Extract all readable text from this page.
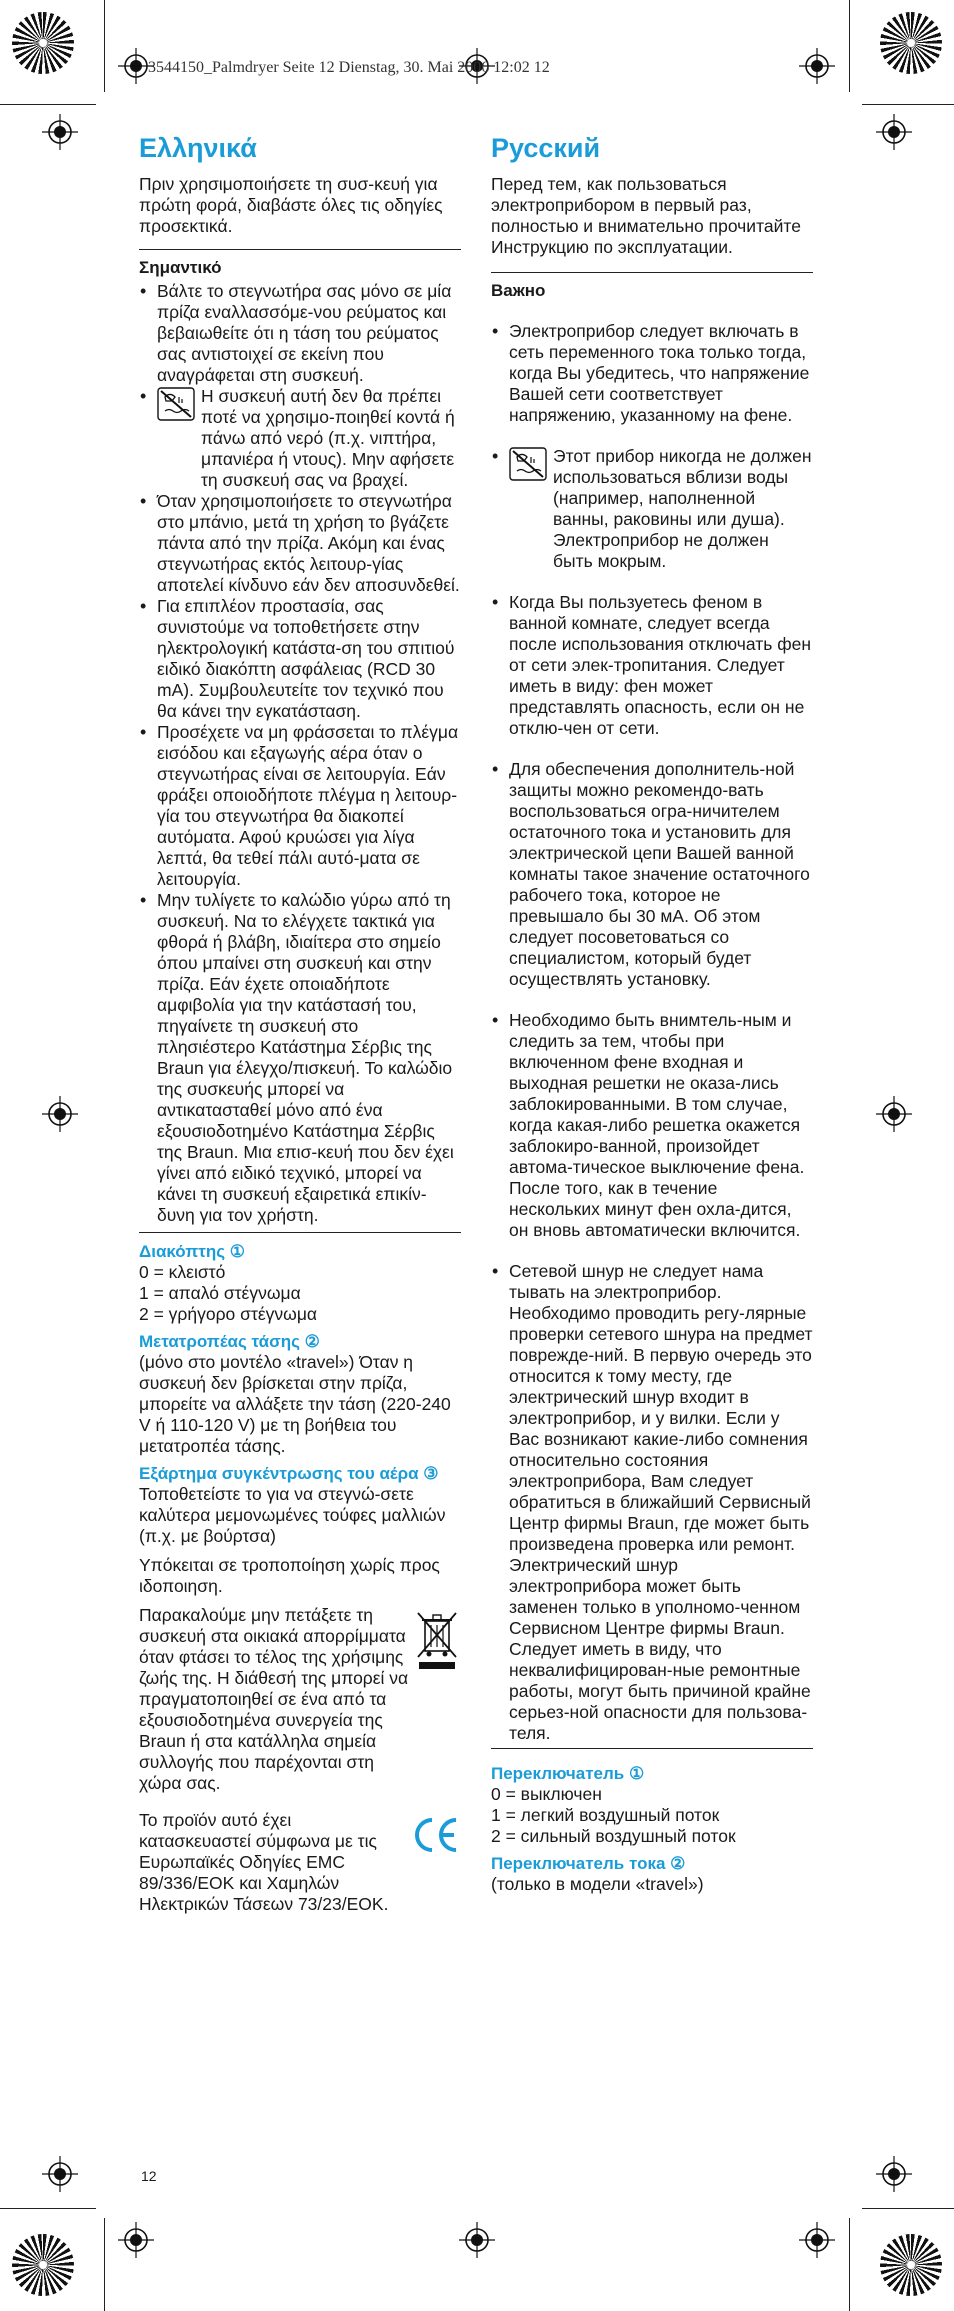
3544150_Palmdryer Seite 12 Dienstag, 30. Mai 2006 12:02 12
Ελληνικά

Πριν χρησιμοποιήσετε τη συσ-κευή για πρώτη φορά, διαβάστε όλες τις οδηγίες προσεκτικά.

Σημαντικό
• Βάλτε το στεγνωτήρα σας μόνο σε μία πρίζα εναλλασσόμε-νου ρεύματος και βεβαιωθείτε ότι η τάση του ρεύματος σας αντιστοιχεί σε εκείνη που αναγράφεται στη συσκευή.
• Η συσκευή αυτή δεν θα πρέπει ποτέ να χρησιμο-ποιηθεί κοντά ή πάνω από νερό (π.χ. νιπτήρα, μπανιέρα ή ντους). Μην αφήσετε τη συσκευή σας να βραχεί.
• Όταν χρησιμοποιήσετε το στεγνωτήρα στο μπάνιο, μετά τη χρήση το βγάζετε πάντα από την πρίζα. Ακόμη και ένας στεγνωτήρας εκτός λειτουρ-γίας αποτελεί κίνδυνο εάν δεν αποσυνδεθεί.
• Για επιπλέον προστασία, σας συνιστούμε να τοποθετήσετε στην ηλεκτρολογική κατάστα-ση του σπιτιού ειδικό διακόπτη ασφάλειας (RCD 30 mA). Συμβουλευτείτε τον τεχνικό που θα κάνει την εγκατάσταση.
• Προσέχετε να μη φράσσεται το πλέγμα εισόδου και εξαγωγής αέρα όταν ο στεγνωτήρας είναι σε λειτουργία. Εάν φράξει οποιοδήποτε πλέγμα η λειτουρ-γία του στεγνωτήρα θα διακοπεί αυτόματα. Αφού κρυώσει για λίγα λεπτά, θα τεθεί πάλι αυτό-ματα σε λειτουργία.
• Μην τυλίγετε το καλώδιο γύρω από τη συσκευή. Να το ελέγχετε τακτικά για φθορά ή βλάβη, ιδιαίτερα στο σημείο όπου μπαίνει στη συσκευή και στην πρίζα. Εάν έχετε οποιαδήποτε αμφιβολία για την κατάστασή του, πηγαίνετε τη συσκευή στο πλησιέστερο Κατάστημα Σέρβις της Braun για έλεγχο/πισκευή. Το καλώδιο της συσκευής μπορεί να αντικατασταθεί μόνο από ένα εξουσιοδοτημένο Κατάστημα Σέρβις της Braun. Μια επισ-κευή που δεν έχει γίνει από ειδικό τεχνικό, μπορεί να κάνει τη συσκευή εξαιρετικά επικίν-δυνη για τον χρήστη.
Διακόπτης ①
0 = κλειστό
1 = απαλό στέγνωμα
2 = γρήγορο στέγνωμα
Μετατροπέας τάσης ②

(μόνο στο μοντέλο «travel») Όταν η συσκευή δεν βρίσκεται στην πρίζα, μπορείτε να αλλάξετε την τάση (220-240 V ή 110-120 V) με τη βοήθεια του μετατροπέα τάσης.

Εξάρτημα συγκέντρωσης του αέρα ③

Τοποθετείστε το για να στεγνώ-σετε καλύτερα μεμονωμένες τούφες μαλλιών (π.χ. με βούρτσα)

Υπόκειται σε τροποποίηση χωρίς προς ιδοποιηση.

Παρακαλούμε μην πετάξετε τη συσκευή στα οικιακά απορρίμματα όταν φτάσει το τέλος της χρήσιμης ζωής της. Η διάθεσή της μπορεί να πραγματοποιηθεί σε ένα από τα εξουσιοδοτημένα συνεργεία της Braun ή στα κατάλληλα σημεία συλλογής που παρέχονται στη χώρα σας.

Το προϊόν αυτό έχει κατασκευαστεί σύμφωνα με τις Ευρωπαϊκές Οδηγίες EMC 89/336/EOK και Χαμηλών Ηλεκτρικών Τάσεων 73/23/EOK.

Русский

Перед тем, как пользоваться электроприбором в первый раз, полностью и внимательно прочитайте Инструкцию по эксплуатации.

Важно
• Электроприбор следует включать в сеть переменного тока только тогда, когда Вы убедитесь, что напряжение Вашей сети соответствует напряжению, указанному на фене.
• Этот прибор никогда не должен использоваться вблизи воды (например, наполненной ванны, раковины или душа). Электроприбор не должен быть мокрым.
• Когда Вы пользуетесь феном в ванной комнате, следует всегда после использования отключать фен от сети элек-тропитания. Следует иметь в виду: фен может представлять опасность, если он не отклю-чен от сети.
• Для обеспечения дополнитель-ной защиты можно рекомендо-вать воспользоваться огра-ничителем остаточного тока и установить для электрической цепи Вашей ванной комнаты такое значение остаточного рабочего тока, которое не превышало бы 30 мА. Об этом следует посоветоваться со специалистом, который будет осуществлять установку.
• Необходимо быть внимтель-ным и следить за тем, чтобы при включенном фене входная и выходная решетки не оказа-лись заблокированными. В том случае, когда какая-либо решетка окажется заблокиро-ванной, произойдет автома-тическое выключение фена. После того, как в течение нескольких минут фен охла-дится, он вновь автоматически включится.
• Сетевой шнур не следует нама тывать на электроприбор. Необходимо проводить регу-лярные проверки сетевого шнура на предмет поврежде-ний. В первую очередь это относится к тому месту, где электрический шнур входит в электроприбор, и у вилки. Если у Вас возникают какие-либо сомнения относительно состояния электроприбора, Вам следует обратиться в ближайший Сервисный Центр фирмы Braun, где может быть произведена проверка или ремонт. Электрический шнур электроприбора может быть заменен только в уполномо-ченном Сервисном Центре фирмы Braun. Следует иметь в виду, что неквалифицирован-ные ремонтные работы, могут быть причиной крайне серьез-ной опасности для пользова-теля.
Переключатель ①
0 = выключен
1 = легкий воздушный поток
2 = сильный воздушный поток
Переключатель тока ②

(только в модели «travel»)

12
